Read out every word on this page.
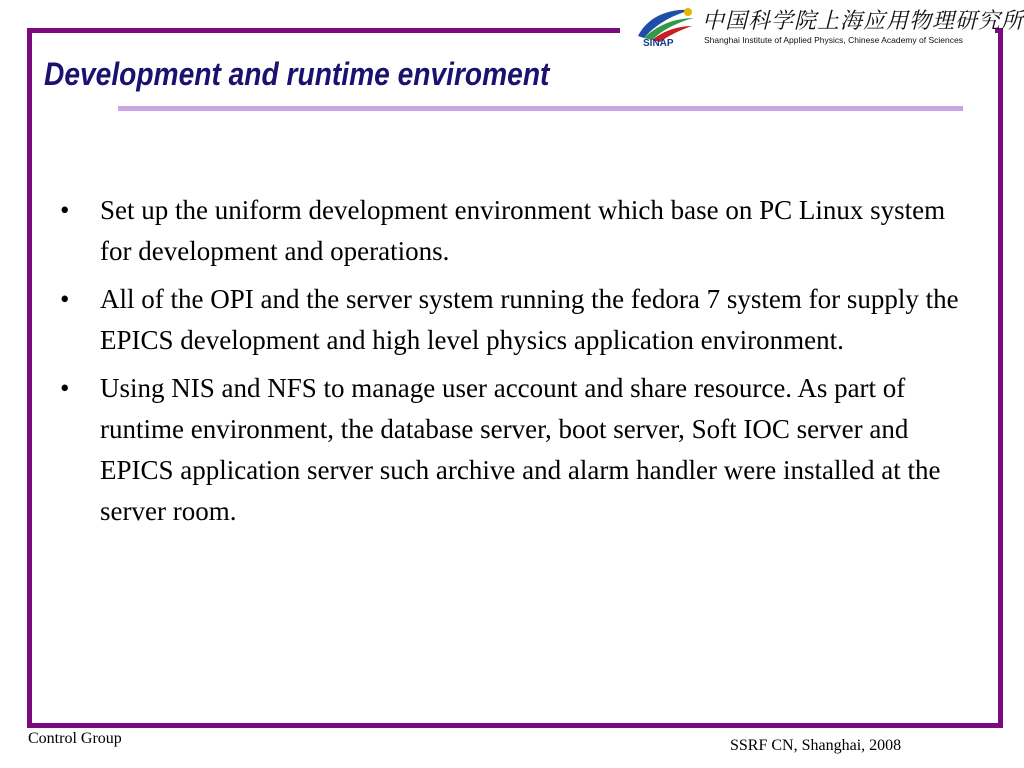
SINAP
中国科学院上海应用物理研究所
Shanghai Institute of Applied Physics, Chinese Academy of Sciences
Development and runtime enviroment
• Set up the uniform development environment which base on PC Linux system for development and operations.
• All of the OPI and the server system running the fedora 7 system for supply the EPICS development and high level physics application environment.
• Using NIS and NFS to manage user account and share resource. As part of runtime environment, the database server, boot server, Soft IOC server and EPICS application server such archive and alarm handler were installed at the server room.
Control Group	SSRF CN, Shanghai, 2008
